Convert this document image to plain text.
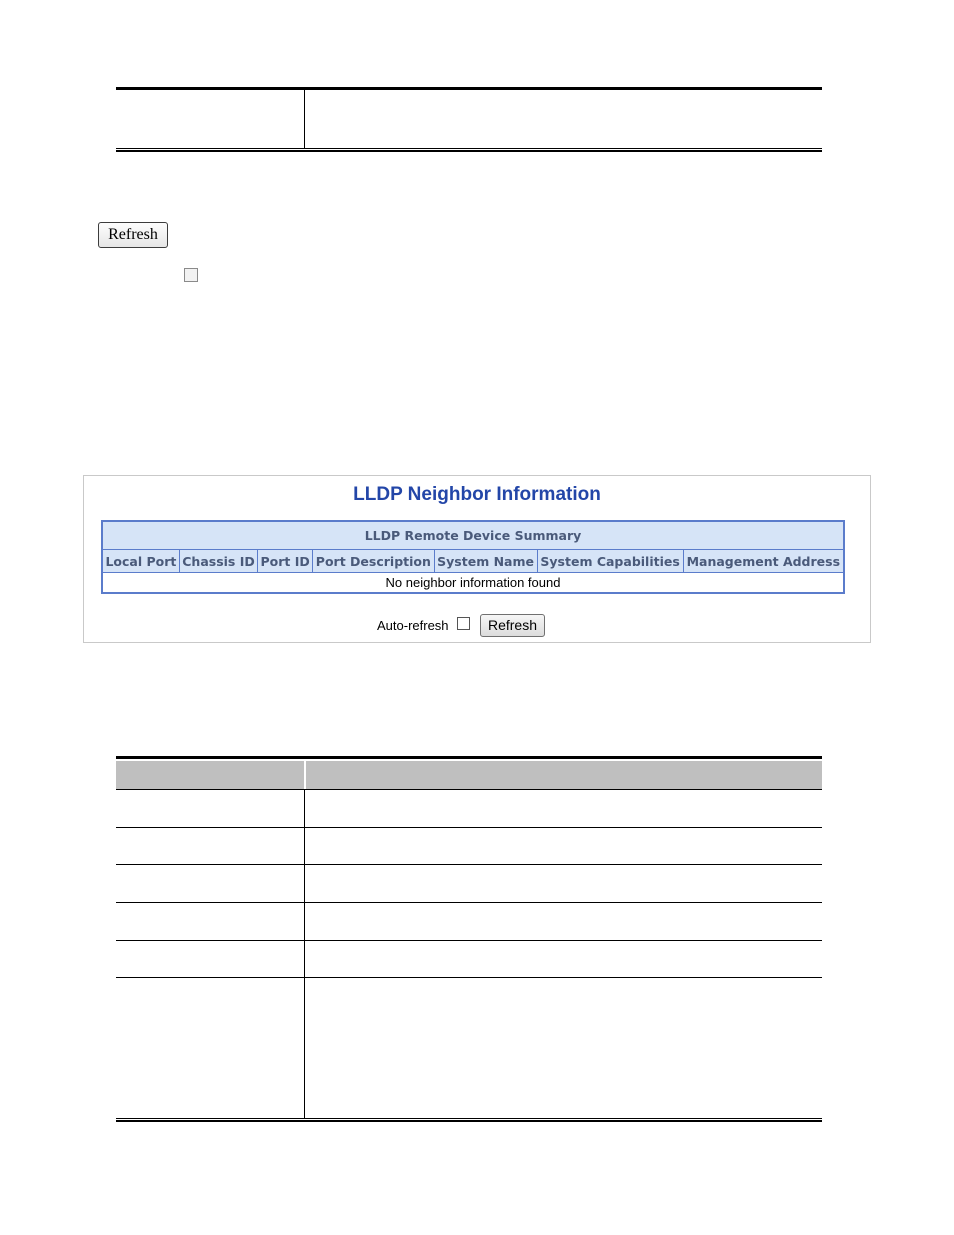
Refresh
LLDP Neighbor Information
LLDP Remote Device Summary
Local Port	Chassis ID	Port ID	Port Description	System Name	System Capabilities	Management Address
No neighbor information found
Auto-refresh	Refresh
